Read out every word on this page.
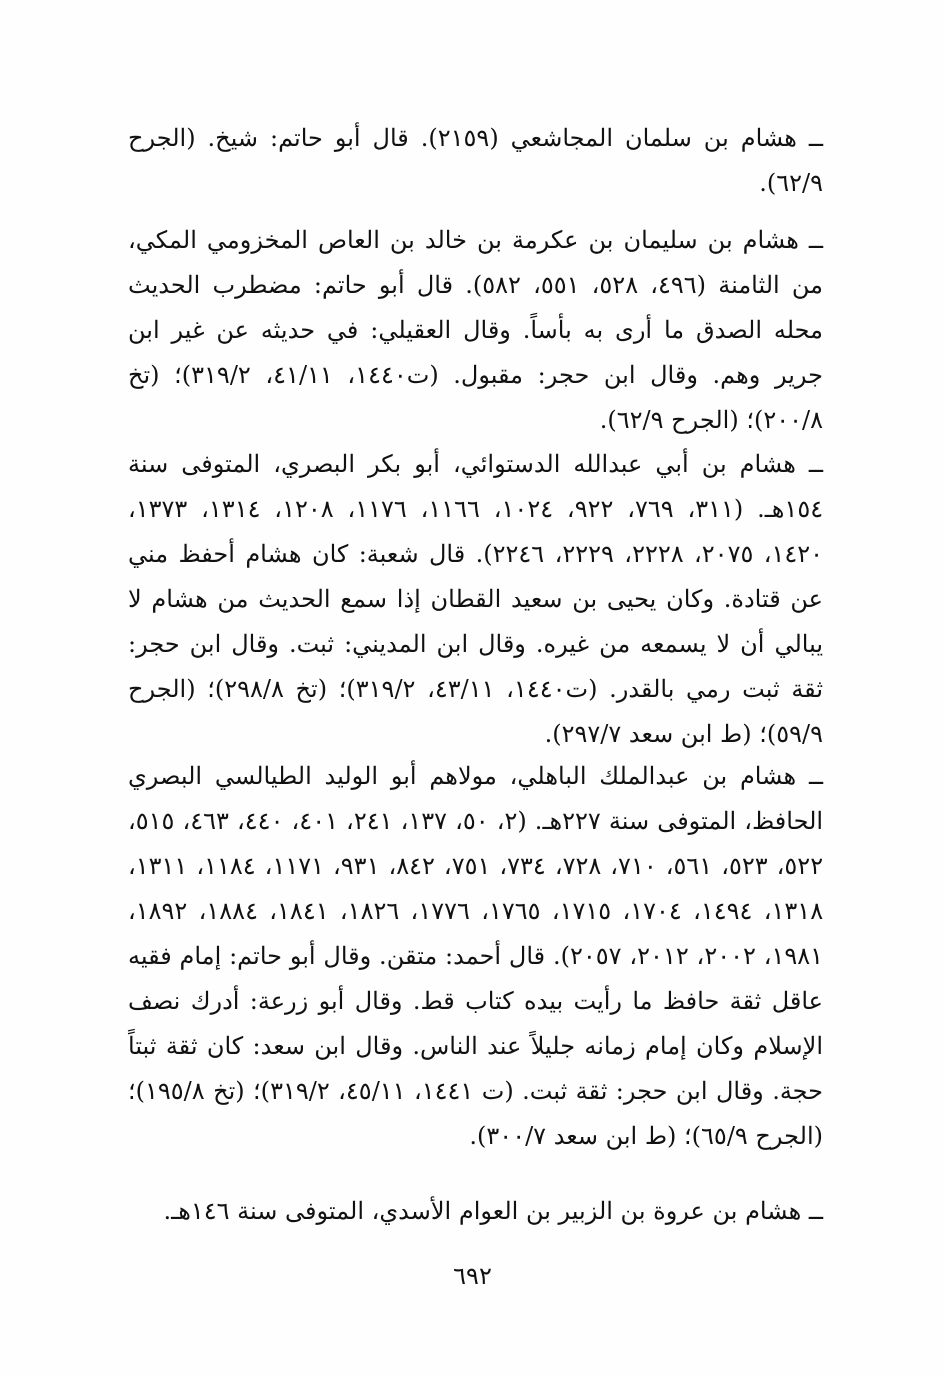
ــ هشام بن سلمان المجاشعي (٢١٥٩). قال أبو حاتم: شيخ. (الجرح ٦٢/٩).

ــ هشام بن سليمان بن عكرمة بن خالد بن العاص المخزومي المكي، من الثامنة (٤٩٦، ٥٢٨، ٥٥١، ٥٨٢). قال أبو حاتم: مضطرب الحديث محله الصدق ما أرى به بأساً. وقال العقيلي: في حديثه عن غير ابن جرير وهم. وقال ابن حجر: مقبول. (ت١٤٤٠، ٤١/١١، ٣١٩/٢)؛ (تخ ٢٠٠/٨)؛ (الجرح ٦٢/٩).

ــ هشام بن أبي عبدالله الدستوائي، أبو بكر البصري، المتوفى سنة ١٥٤هـ. (٣١١، ٧٦٩، ٩٢٢، ١٠٢٤، ١١٦٦، ١١٧٦، ١٢٠٨، ١٣١٤، ١٣٧٣، ١٤٢٠، ٢٠٧٥، ٢٢٢٨، ٢٢٢٩، ٢٢٤٦). قال شعبة: كان هشام أحفظ مني عن قتادة. وكان يحيى بن سعيد القطان إذا سمع الحديث من هشام لا يبالي أن لا يسمعه من غيره. وقال ابن المديني: ثبت. وقال ابن حجر: ثقة ثبت رمي بالقدر. (ت١٤٤٠، ٤٣/١١، ٣١٩/٢)؛ (تخ ٢٩٨/٨)؛ (الجرح ٥٩/٩)؛ (ط ابن سعد ٢٩٧/٧).

ــ هشام بن عبدالملك الباهلي، مولاهم أبو الوليد الطيالسي البصري الحافظ، المتوفى سنة ٢٢٧هـ. (٢، ٥٠، ١٣٧، ٢٤١، ٤٠١، ٤٤٠، ٤٦٣، ٥١٥، ٥٢٢، ٥٢٣، ٥٦١، ٧١٠، ٧٢٨، ٧٣٤، ٧٥١، ٨٤٢، ٩٣١، ١١٧١، ١١٨٤، ١٣١١، ١٣١٨، ١٤٩٤، ١٧٠٤، ١٧١٥، ١٧٦٥، ١٧٧٦، ١٨٢٦، ١٨٤١، ١٨٨٤، ١٨٩٢، ١٩٨١، ٢٠٠٢، ٢٠١٢، ٢٠٥٧). قال أحمد: متقن. وقال أبو حاتم: إمام فقيه عاقل ثقة حافظ ما رأيت بيده كتاب قط. وقال أبو زرعة: أدرك نصف الإسلام وكان إمام زمانه جليلاً عند الناس. وقال ابن سعد: كان ثقة ثبتاً حجة. وقال ابن حجر: ثقة ثبت. (ت ١٤٤١، ٤٥/١١، ٣١٩/٢)؛ (تخ ١٩٥/٨)؛ (الجرح ٦٥/٩)؛ (ط ابن سعد ٣٠٠/٧).

ــ هشام بن عروة بن الزبير بن العوام الأسدي، المتوفى سنة ١٤٦هـ.

٦٩٢
